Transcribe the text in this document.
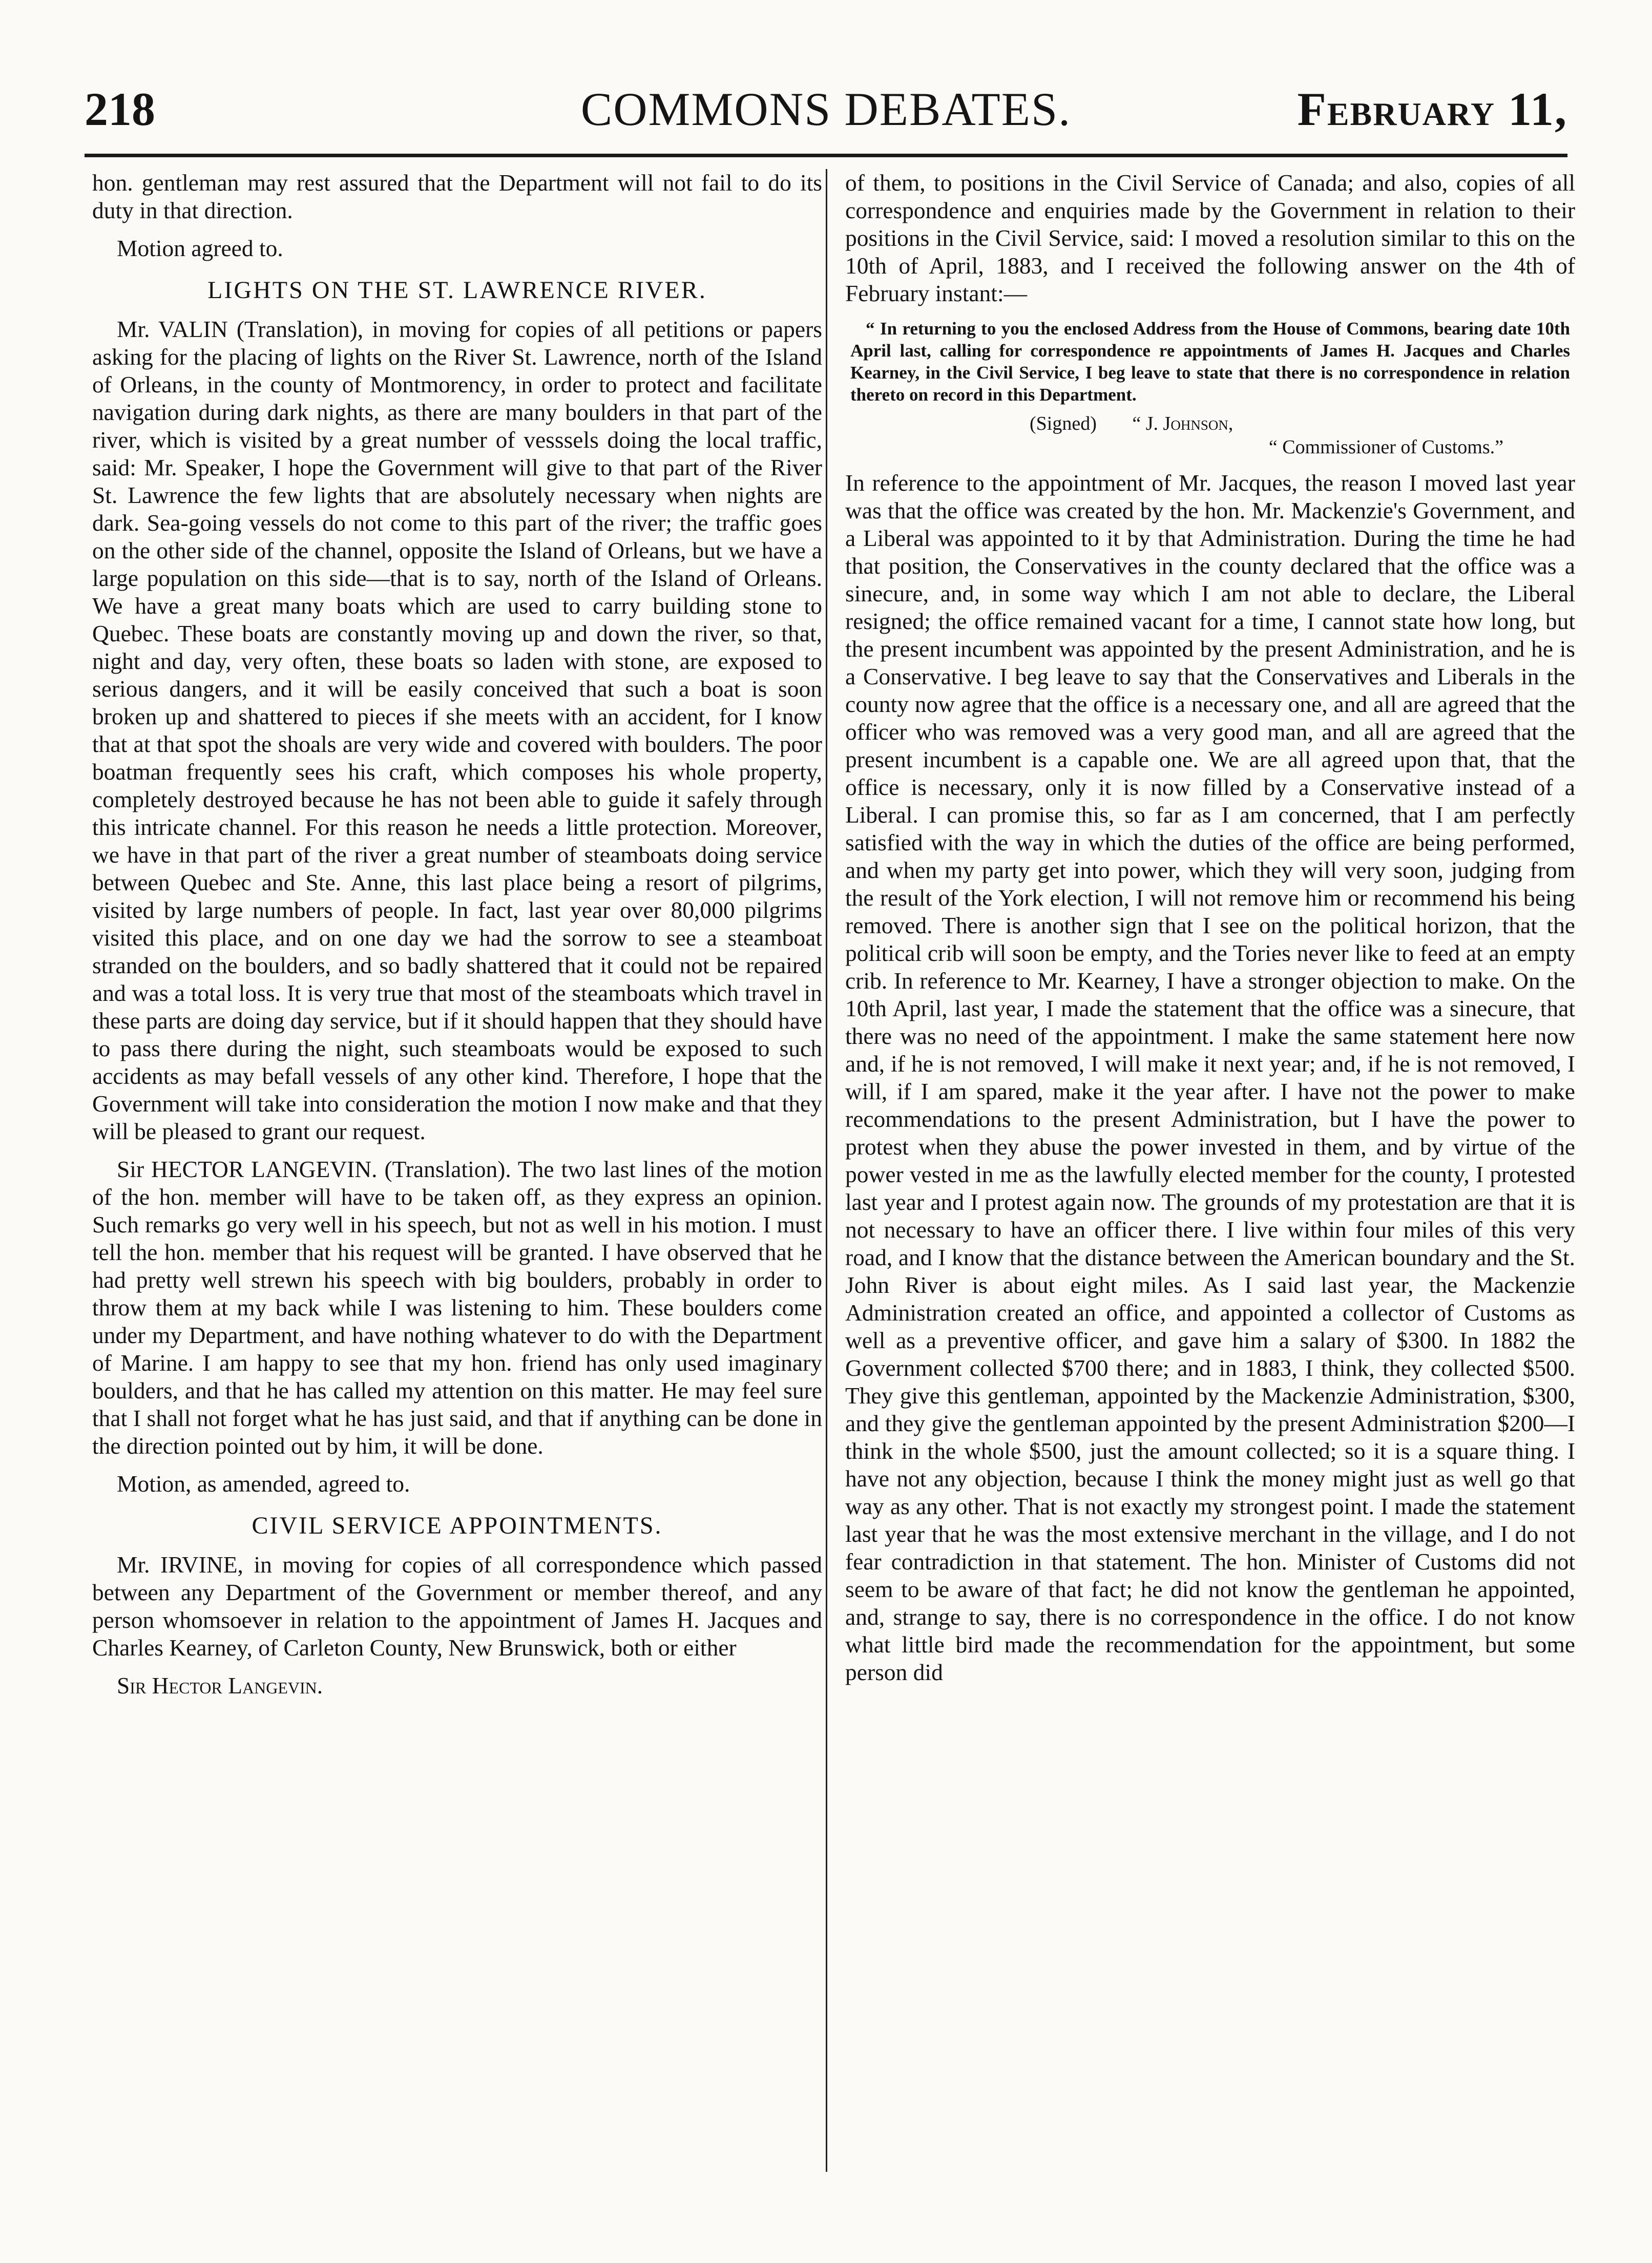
218	COMMONS DEBATES.	February 11,

hon. gentleman may rest assured that the Department will not fail to do its duty in that direction.

Motion agreed to.

LIGHTS ON THE ST. LAWRENCE RIVER.

Mr. VALIN (Translation), in moving for copies of all petitions or papers asking for the placing of lights on the River St. Lawrence, north of the Island of Orleans, in the county of Montmorency, in order to protect and facilitate navigation during dark nights, as there are many boulders in that part of the river, which is visited by a great number of vesssels doing the local traffic, said: Mr. Speaker, I hope the Government will give to that part of the River St. Lawrence the few lights that are absolutely necessary when nights are dark. Sea-going vessels do not come to this part of the river; the traffic goes on the other side of the channel, opposite the Island of Orleans, but we have a large population on this side—that is to say, north of the Island of Orleans. We have a great many boats which are used to carry building stone to Quebec. These boats are constantly moving up and down the river, so that, night and day, very often, these boats so laden with stone, are exposed to serious dangers, and it will be easily conceived that such a boat is soon broken up and shattered to pieces if she meets with an accident, for I know that at that spot the shoals are very wide and covered with boulders. The poor boatman frequently sees his craft, which composes his whole property, completely destroyed because he has not been able to guide it safely through this intricate channel. For this reason he needs a little protection. Moreover, we have in that part of the river a great number of steamboats doing service between Quebec and Ste. Anne, this last place being a resort of pilgrims, visited by large numbers of people. In fact, last year over 80,000 pilgrims visited this place, and on one day we had the sorrow to see a steamboat stranded on the boulders, and so badly shattered that it could not be repaired and was a total loss. It is very true that most of the steamboats which travel in these parts are doing day service, but if it should happen that they should have to pass there during the night, such steamboats would be exposed to such accidents as may befall vessels of any other kind. Therefore, I hope that the Government will take into consideration the motion I now make and that they will be pleased to grant our request.

Sir HECTOR LANGEVIN. (Translation). The two last lines of the motion of the hon. member will have to be taken off, as they express an opinion. Such remarks go very well in his speech, but not as well in his motion. I must tell the hon. member that his request will be granted. I have observed that he had pretty well strewn his speech with big boulders, probably in order to throw them at my back while I was listening to him. These boulders come under my Department, and have nothing whatever to do with the Department of Marine. I am happy to see that my hon. friend has only used imaginary boulders, and that he has called my attention on this matter. He may feel sure that I shall not forget what he has just said, and that if anything can be done in the direction pointed out by him, it will be done.

Motion, as amended, agreed to.

CIVIL SERVICE APPOINTMENTS.

Mr. IRVINE, in moving for copies of all correspondence which passed between any Department of the Government or member thereof, and any person whomsoever in relation to the appointment of James H. Jacques and Charles Kearney, of Carleton County, New Brunswick, both or either

Sir Hector Langevin.

of them, to positions in the Civil Service of Canada; and also, copies of all correspondence and enquiries made by the Government in relation to their positions in the Civil Service, said: I moved a resolution similar to this on the 10th of April, 1883, and I received the following answer on the 4th of February instant:—

“ In returning to you the enclosed Address from the House of Commons, bearing date 10th April last, calling for correspondence re appointments of James H. Jacques and Charles Kearney, in the Civil Service, I beg leave to state that there is no correspondence in relation thereto on record in this Department.
(Signed) “ J. Johnson,
“ Commissioner of Customs.”

In reference to the appointment of Mr. Jacques, the reason I moved last year was that the office was created by the hon. Mr. Mackenzie's Government, and a Liberal was appointed to it by that Administration. During the time he had that position, the Conservatives in the county declared that the office was a sinecure, and, in some way which I am not able to declare, the Liberal resigned; the office remained vacant for a time, I cannot state how long, but the present incumbent was appointed by the present Administration, and he is a Conservative. I beg leave to say that the Conservatives and Liberals in the county now agree that the office is a necessary one, and all are agreed that the officer who was removed was a very good man, and all are agreed that the present incumbent is a capable one. We are all agreed upon that, that the office is necessary, only it is now filled by a Conservative instead of a Liberal. I can promise this, so far as I am concerned, that I am perfectly satisfied with the way in which the duties of the office are being performed, and when my party get into power, which they will very soon, judging from the result of the York election, I will not remove him or recommend his being removed. There is another sign that I see on the political horizon, that the political crib will soon be empty, and the Tories never like to feed at an empty crib. In reference to Mr. Kearney, I have a stronger objection to make. On the 10th April, last year, I made the statement that the office was a sinecure, that there was no need of the appointment. I make the same statement here now and, if he is not removed, I will make it next year; and, if he is not removed, I will, if I am spared, make it the year after. I have not the power to make recommendations to the present Administration, but I have the power to protest when they abuse the power invested in them, and by virtue of the power vested in me as the lawfully elected member for the county, I protested last year and I protest again now. The grounds of my protestation are that it is not necessary to have an officer there. I live within four miles of this very road, and I know that the distance between the American boundary and the St. John River is about eight miles. As I said last year, the Mackenzie Administration created an office, and appointed a collector of Customs as well as a preventive officer, and gave him a salary of $300. In 1882 the Government collected $700 there; and in 1883, I think, they collected $500. They give this gentleman, appointed by the Mackenzie Administration, $300, and they give the gentleman appointed by the present Administration $200—I think in the whole $500, just the amount collected; so it is a square thing. I have not any objection, because I think the money might just as well go that way as any other. That is not exactly my strongest point. I made the statement last year that he was the most extensive merchant in the village, and I do not fear contradiction in that statement. The hon. Minister of Customs did not seem to be aware of that fact; he did not know the gentleman he appointed, and, strange to say, there is no correspondence in the office. I do not know what little bird made the recommendation for the appointment, but some person did
